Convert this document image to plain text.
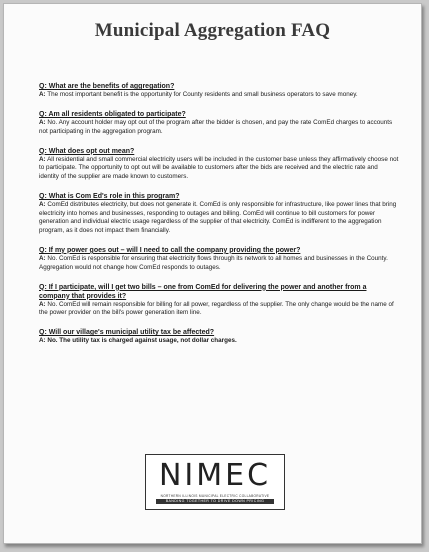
Municipal Aggregation FAQ

Q: What are the benefits of aggregation?

A: The most important benefit is the opportunity for County residents and small business operators to save money.

Q: Am all residents obligated to participate?

A: No. Any account holder may opt out of the program after the bidder is chosen, and pay the rate ComEd charges to accounts not participating in the aggregation program.

Q: What does opt out mean?

A: All residential and small commercial electricity users will be included in the customer base unless they affirmatively choose not to participate. The opportunity to opt out will be available to customers after the bids are received and the electric rate and identity of the supplier are made known to customers.

Q: What is Com Ed's role in this program?

A: ComEd distributes electricity, but does not generate it. ComEd is only responsible for infrastructure, like power lines that bring electricity into homes and businesses, responding to outages and billing. ComEd will continue to bill customers for power generation and individual electric usage regardless of the supplier of that electricity. ComEd is indifferent to the aggregation program, as it does not impact them financially.

Q: If my power goes out – will I need to call the company providing the power?

A: No. ComEd is responsible for ensuring that electricity flows through its network to all homes and businesses in the County. Aggregation would not change how ComEd responds to outages.

Q: If I participate, will I get two bills – one from ComEd for delivering the power and another from a company that provides it?

A: No. ComEd will remain responsible for billing for all power, regardless of the supplier. The only change would be the name of the power provider on the bill's power generation item line.

Q: Will our village's municipal utility tax be affected?

A: No. The utility tax is charged against usage, not dollar charges.

NIMEC
NORTHERN ILLINOIS MUNICIPAL ELECTRIC COLLABORATIVE
BANDING TOGETHER TO DRIVE DOWN PRICING
